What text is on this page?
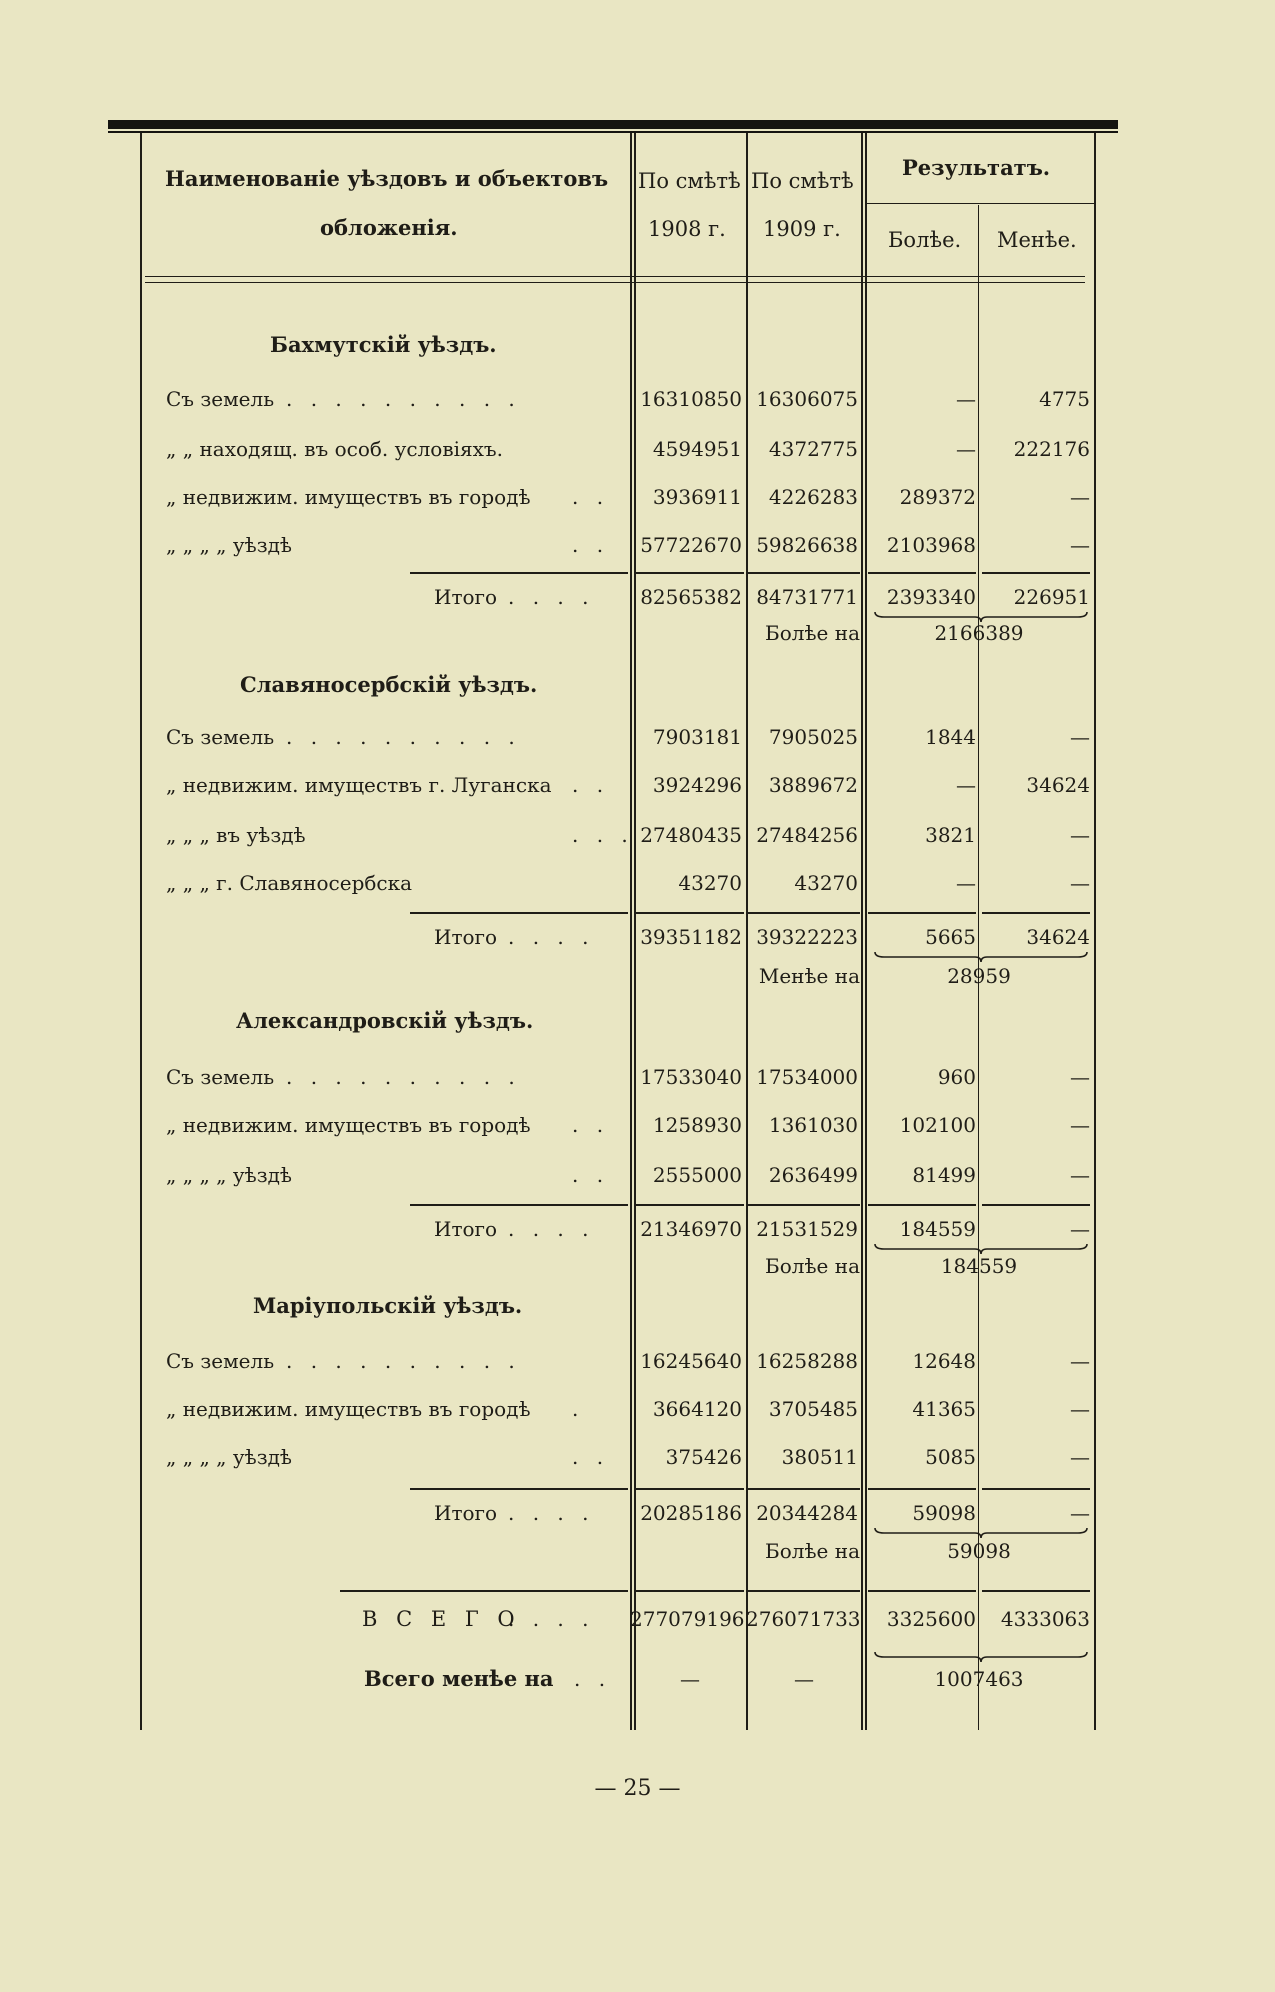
Наименованіе уѣздовъ и объектовъ
обложенія.
По смѣтѣ
1908 г.
По смѣтѣ
1909 г.
Результатъ.
Болѣе. Менѣе.
Бахмутскій уѣздъ.
Съ земель . . . . . . . . . .	16310850 16306075	—	4775
„ „ находящ. въ особ. условіяхъ.	4594951	4372775	—	222176
„ недвижим. имуществъ въ городѣ . .	3936911	4226283	289372	—
„ „ „ „ уѣздѣ	. .	57722670 59826638	2103968	—
Итого . . . .	82565382 84731771	2393340	226951
Болѣе на	2166389
Славяносербскій уѣздъ.
Съ земель . . . . . . . . . .	7903181	7905025	1844	—
„ недвижим. имуществъ г. Луганска . .	3924296	3889672	—	34624
„ „ „ въ уѣздѣ	. . . 27480435 27484256	3821	—
„ „ „ г. Славяносербска	43270	43270	—	—
Итого . . . .	39351182 39322223	5665	34624
Менѣе на	28959
Александровскій уѣздъ.
Съ земель . . . . . . . . . .	17533040 17534000	960	—
„ недвижим. имуществъ въ городѣ . .	1258930	1361030	102100	—
„ „ „ „ уѣздѣ	. .	2555000	2636499	81499	—
Итого . . . .	21346970 21531529	184559	—
Болѣе на	184559
Маріупольскій уѣздъ.
Съ земель . . . . . . . . . .	16245640 16258288	12648	—
„ недвижим. имуществъ въ городѣ .	3664120	3705485	41365	—
„ „ „ „ уѣздѣ	. .	375426	380511	5085	—
Итого . . . .	20285186 20344284	59098	—
Болѣе на	59098
В С Е Г О
. . . . 277079196 276071733	3325600	4333063
Всего менѣе на . .	—	—	1007463
— 25 —
